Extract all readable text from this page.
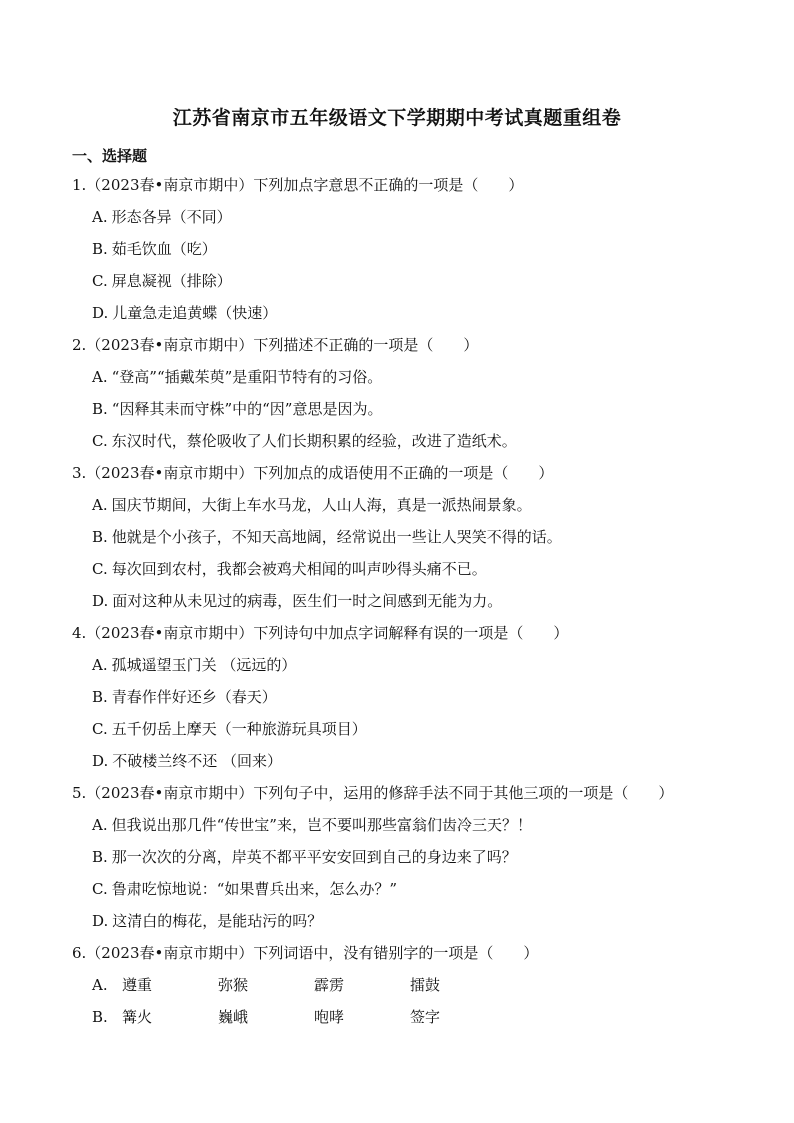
江苏省南京市五年级语文下学期期中考试真题重组卷
一、选择题
1.（2023春•南京市期中）下列加点字意思不正确的一项是（　　）
A. 形态各异（不同）
B. 茹毛饮血（吃）
C. 屏息凝视（排除）
D. 儿童急走追黄蝶（快速）
2.（2023春•南京市期中）下列描述不正确的一项是（　　）
A. “登高”“插戴茱萸”是重阳节特有的习俗。
B. “因释其耒而守株”中的“因”意思是因为。
C. 东汉时代，蔡伦吸收了人们长期积累的经验，改进了造纸术。
3.（2023春•南京市期中）下列加点的成语使用不正确的一项是（　　）
A. 国庆节期间，大街上车水马龙，人山人海，真是一派热闹景象。
B. 他就是个小孩子，不知天高地阔，经常说出一些让人哭笑不得的话。
C. 每次回到农村，我都会被鸡犬相闻的叫声吵得头痛不已。
D. 面对这种从未见过的病毒，医生们一时之间感到无能为力。
4.（2023春•南京市期中）下列诗句中加点字词解释有误的一项是（　　）
A. 孤城遥望玉门关 （远远的）
B. 青春作伴好还乡（春天）
C. 五千仞岳上摩天（一种旅游玩具项目）
D. 不破楼兰终不还 （回来）
5.（2023春•南京市期中）下列句子中，运用的修辞手法不同于其他三项的一项是（　　）
A. 但我说出那几件“传世宝”来，岂不要叫那些富翁们齿冷三天？！
B. 那一次次的分离，岸英不都平平安安回到自己的身边来了吗？
C. 鲁肃吃惊地说：“如果曹兵出来，怎么办？”
D. 这清白的梅花，是能玷污的吗？
6.（2023春•南京市期中）下列词语中，没有错别字的一项是（　　）
A. 遵重	弥猴	霹雳	擂鼓
B. 篝火	巍峨	咆哮	签字
